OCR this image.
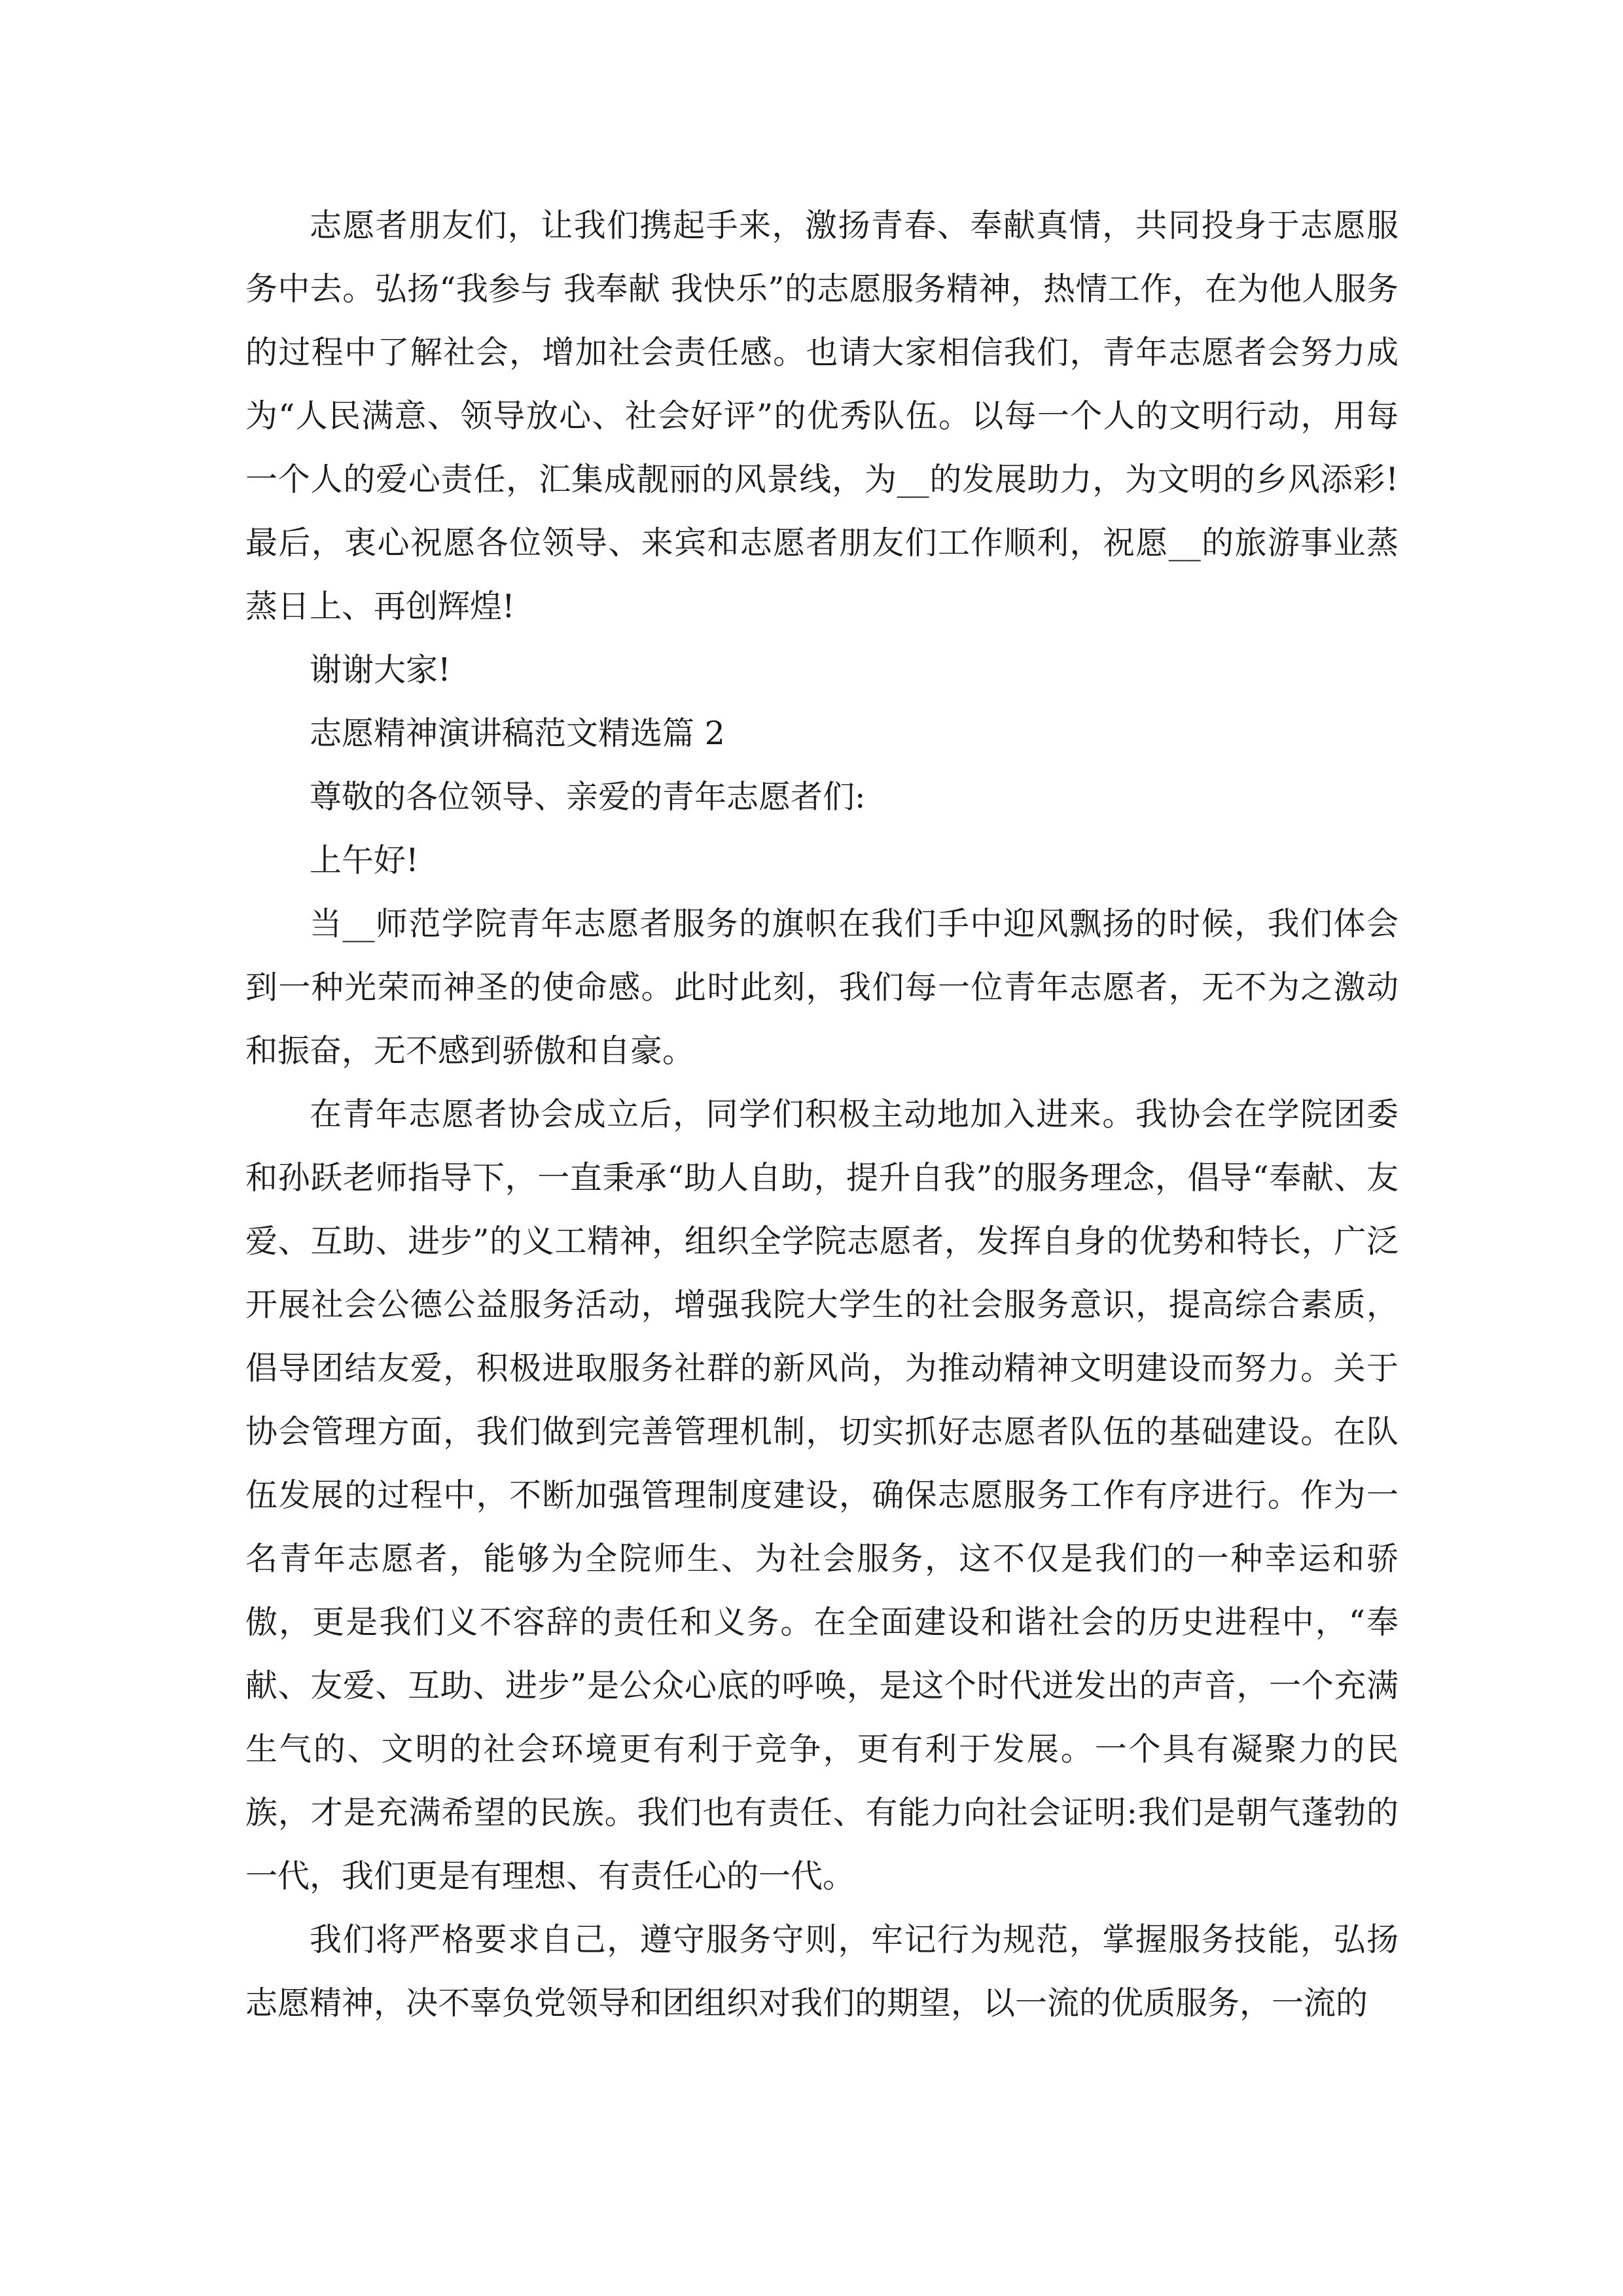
志愿者朋友们，让我们携起手来，激扬青春、奉献真情，共同投身于志愿服务中去。弘扬“我参与 我奉献 我快乐”的志愿服务精神，热情工作，在为他人服务的过程中了解社会，增加社会责任感。也请大家相信我们，青年志愿者会努力成为“人民满意、领导放心、社会好评”的优秀队伍。以每一个人的文明行动，用每一个人的爱心责任，汇集成靓丽的风景线，为__的发展助力，为文明的乡风添彩!最后，衷心祝愿各位领导、来宾和志愿者朋友们工作顺利，祝愿__的旅游事业蒸蒸日上、再创辉煌!

谢谢大家!

志愿精神演讲稿范文精选篇 2

尊敬的各位领导、亲爱的青年志愿者们:

上午好!

当__师范学院青年志愿者服务的旗帜在我们手中迎风飘扬的时候，我们体会到一种光荣而神圣的使命感。此时此刻，我们每一位青年志愿者，无不为之激动和振奋，无不感到骄傲和自豪。

在青年志愿者协会成立后，同学们积极主动地加入进来。我协会在学院团委和孙跃老师指导下，一直秉承“助人自助，提升自我”的服务理念，倡导“奉献、友爱、互助、进步”的义工精神，组织全学院志愿者，发挥自身的优势和特长，广泛开展社会公德公益服务活动，增强我院大学生的社会服务意识，提高综合素质，倡导团结友爱，积极进取服务社群的新风尚，为推动精神文明建设而努力。关于协会管理方面，我们做到完善管理机制，切实抓好志愿者队伍的基础建设。在队伍发展的过程中，不断加强管理制度建设，确保志愿服务工作有序进行。作为一名青年志愿者，能够为全院师生、为社会服务，这不仅是我们的一种幸运和骄傲，更是我们义不容辞的责任和义务。在全面建设和谐社会的历史进程中，“奉献、友爱、互助、进步”是公众心底的呼唤，是这个时代迸发出的声音，一个充满生气的、文明的社会环境更有利于竞争，更有利于发展。一个具有凝聚力的民族，才是充满希望的民族。我们也有责任、有能力向社会证明:我们是朝气蓬勃的一代，我们更是有理想、有责任心的一代。

我们将严格要求自己，遵守服务守则，牢记行为规范，掌握服务技能，弘扬志愿精神，决不辜负党领导和团组织对我们的期望，以一流的优质服务，一流的
